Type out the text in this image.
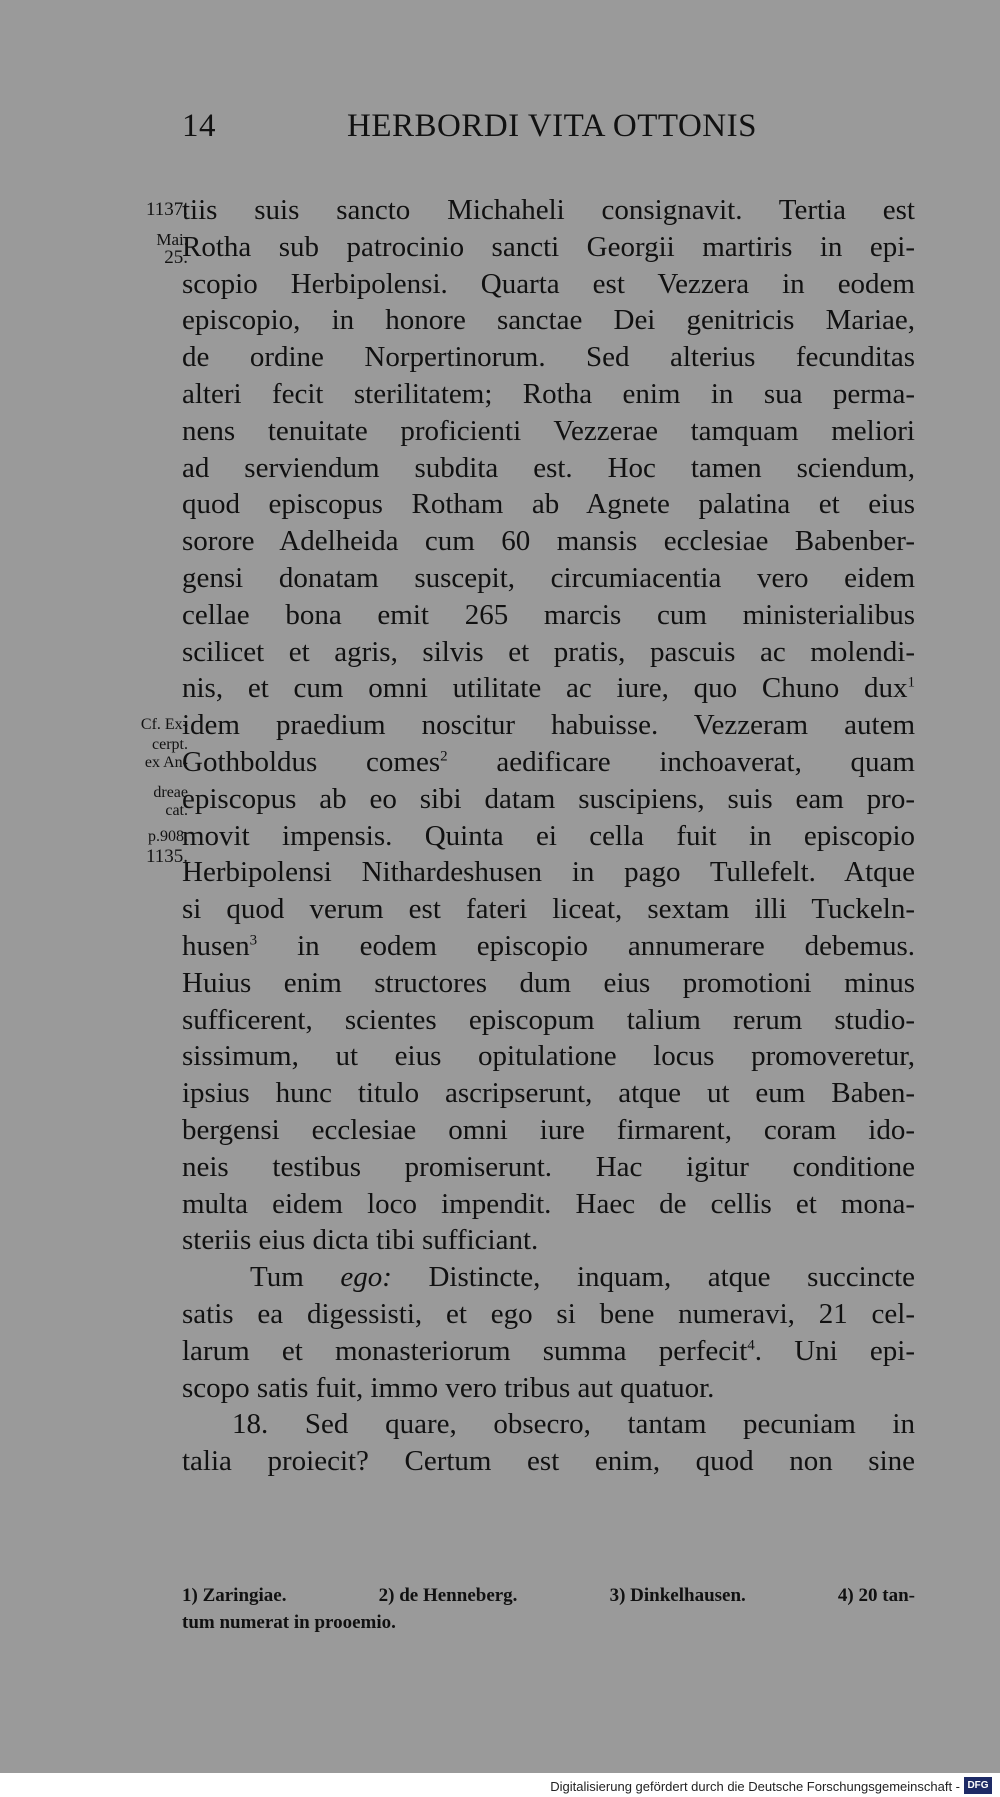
14	HERBORDI VITA OTTONIS
1137.
Mai.
25.
Cf. Ex-
cerpt.
ex An-
dreae
cat.
p.908.
1135.
tiis suis sancto Michaheli consignavit. Tertia est
Rotha sub patrocinio sancti Georgii martiris in epi-
scopio Herbipolensi. Quarta est Vezzera in eodem
episcopio, in honore sanctae Dei genitricis Mariae,
de ordine Norpertinorum. Sed alterius fecunditas
alteri fecit sterilitatem; Rotha enim in sua perma-
nens tenuitate proficienti Vezzerae tamquam meliori
ad serviendum subdita est. Hoc tamen sciendum,
quod episcopus Rotham ab Agnete palatina et eius
sorore Adelheida cum 60 mansis ecclesiae Babenber-
gensi donatam suscepit, circumiacentia vero eidem
cellae bona emit 265 marcis cum ministerialibus
scilicet et agris, silvis et pratis, pascuis ac molendi-
nis, et cum omni utilitate ac iure, quo Chuno dux$^1$
idem praedium noscitur habuisse. Vezzeram autem
Gothboldus comes$^2$ aedificare inchoaverat, quam
episcopus ab eo sibi datam suscipiens, suis eam pro-
movit impensis. Quinta ei cella fuit in episcopio
Herbipolensi Nithardeshusen in pago Tullefelt. Atque
si quod verum est fateri liceat, sextam illi Tuckeln-
husen$^3$ in eodem episcopio annumerare debemus.
Huius enim structores dum eius promotioni minus
sufficerent, scientes episcopum talium rerum studio-
sissimum, ut eius opitulatione locus promoveretur,
ipsius hunc titulo ascripserunt, atque ut eum Baben-
bergensi ecclesiae omni iure firmarent, coram ido-
neis testibus promiserunt. Hac igitur conditione
multa eidem loco impendit. Haec de cellis et mona-
steriis eius dicta tibi sufficiant.
Tum ego: Distincte, inquam, atque succincte
satis ea digessisti, et ego si bene numeravi, 21 cel-
larum et monasteriorum summa perfecit$^4$. Uni epi-
scopo satis fuit, immo vero tribus aut quatuor.
18. Sed quare, obsecro, tantam pecuniam in
talia proiecit? Certum est enim, quod non sine
1) Zaringiae.	2) de Henneberg.	3) Dinkelhausen.	4) 20 tan-
tum numerat in prooemio.
Digitalisierung gefördert durch die Deutsche Forschungsgemeinschaft - DFG
